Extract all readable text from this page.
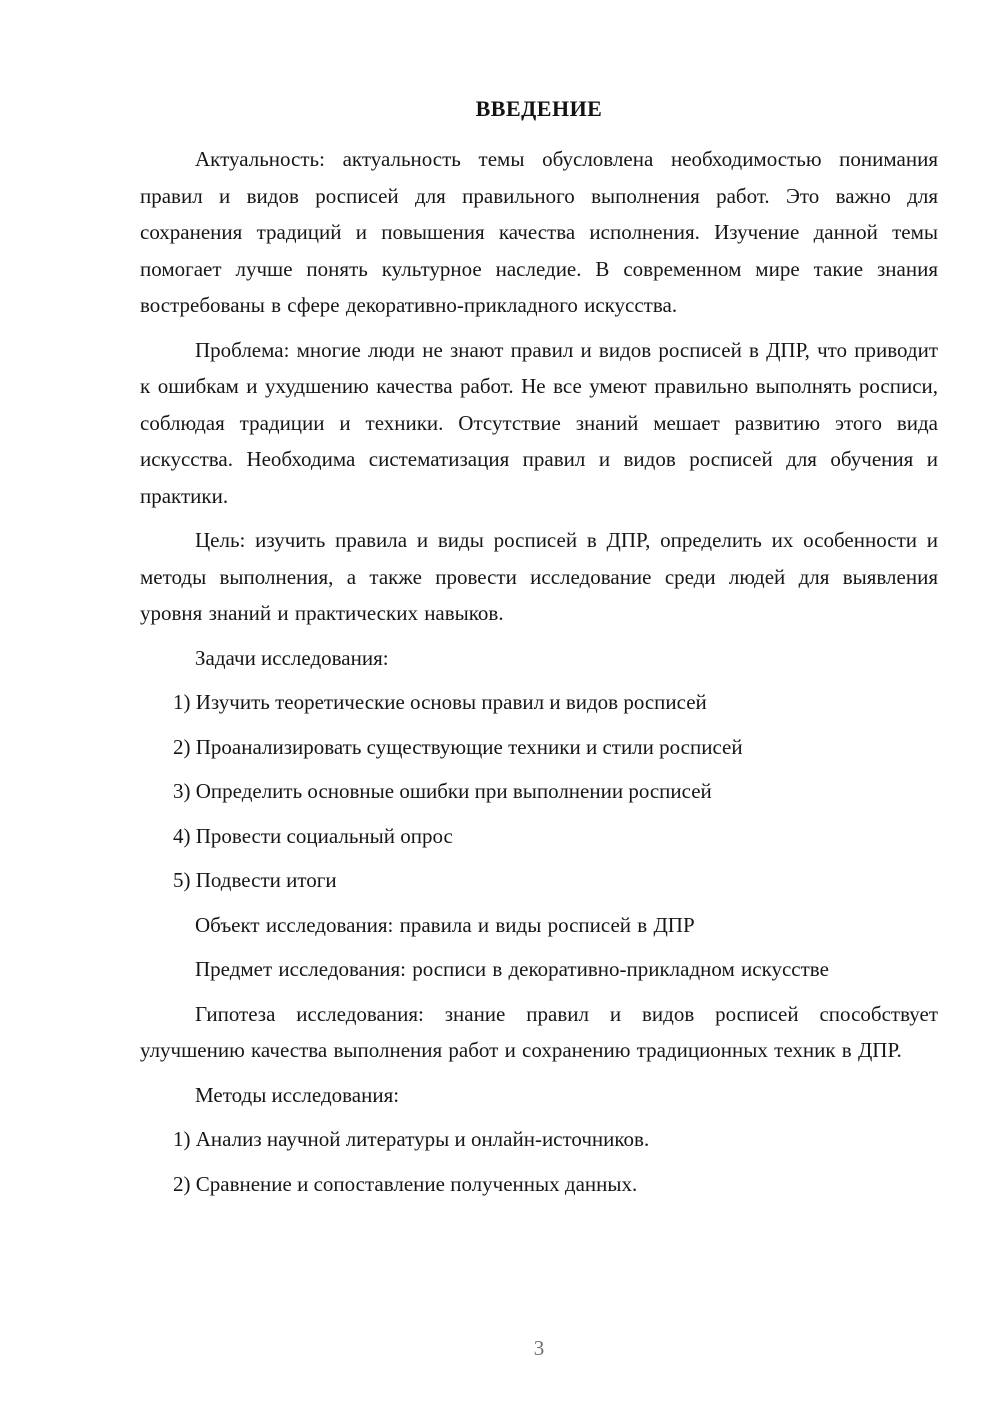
ВВЕДЕНИЕ

Актуальность: актуальность темы обусловлена необходимостью понимания правил и видов росписей для правильного выполнения работ. Это важно для сохранения традиций и повышения качества исполнения. Изучение данной темы помогает лучше понять культурное наследие. В современном мире такие знания востребованы в сфере декоративно-прикладного искусства.

Проблема: многие люди не знают правил и видов росписей в ДПР, что приводит к ошибкам и ухудшению качества работ. Не все умеют правильно выполнять росписи, соблюдая традиции и техники. Отсутствие знаний мешает развитию этого вида искусства. Необходима систематизация правил и видов росписей для обучения и практики.

Цель: изучить правила и виды росписей в ДПР, определить их особенности и методы выполнения, а также провести исследование среди людей для выявления уровня знаний и практических навыков.

Задачи исследования:

1) Изучить теоретические основы правил и видов росписей

2) Проанализировать существующие техники и стили росписей

3) Определить основные ошибки при выполнении росписей

4) Провести социальный опрос

5) Подвести итоги

Объект исследования: правила и виды росписей в ДПР

Предмет исследования: росписи в декоративно-прикладном искусстве

Гипотеза исследования: знание правил и видов росписей способствует улучшению качества выполнения работ и сохранению традиционных техник в ДПР.

Методы исследования:

1) Анализ научной литературы и онлайн-источников.

2) Сравнение и сопоставление полученных данных.

3
